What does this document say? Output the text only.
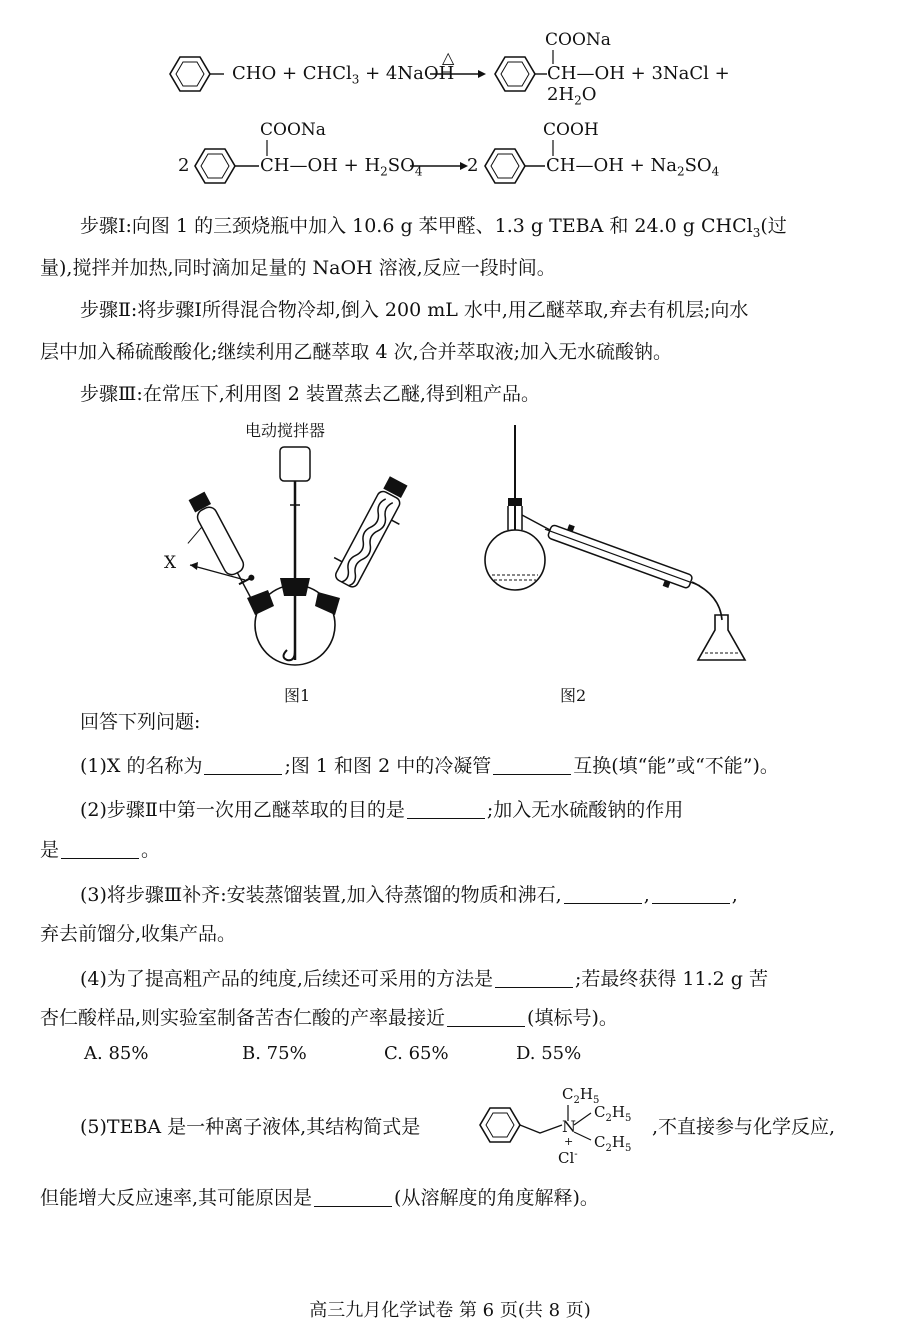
CHO + CHCl$_3$ + 4NaOH
△
COONa
CH—OH + 3NaCl + $2H_2O$
2
COONa
CH—OH + $H_2SO_4$ 2
COOH
CH—OH + $Na_2SO_4$
步骤Ⅰ:向图 1 的三颈烧瓶中加入 10.6 g 苯甲醛、1.3 g TEBA 和 24.0 g CHCl$_3$(过
量),搅拌并加热,同时滴加足量的 NaOH 溶液,反应一段时间。
步骤Ⅱ:将步骤Ⅰ所得混合物冷却,倒入 200 mL 水中,用乙醚萃取,弃去有机层;向水
层中加入稀硫酸酸化;继续利用乙醚萃取 4 次,合并萃取液;加入无水硫酸钠。
步骤Ⅲ:在常压下,利用图 2 装置蒸去乙醚,得到粗产品。
电动搅拌器
X
图1	图2
回答下列问题:
(1)X 的名称为	;图 1 和图 2 中的冷凝管	互换(填“能”或“不能”)。
(2)步骤Ⅱ中第一次用乙醚萃取的目的是	;加入无水硫酸钠的作用
是	。
(3)将步骤Ⅲ补齐:安装蒸馏装置,加入待蒸馏的物质和沸石,	,	,
弃去前馏分,收集产品。
(4)为了提高粗产品的纯度,后续还可采用的方法是	;若最终获得 11.2 g 苦
杏仁酸样品,则实验室制备苦杏仁酸的产率最接近	(填标号)。
A. 85%	B. 75%	C. 65%	D. 55%
(5)TEBA 是一种离子液体,其结构简式是
$C_2H_5$
$C_2H_5$
N
+ $C_2H_5$
Cl-
,不直接参与化学反应,
但能增大反应速率,其可能原因是	(从溶解度的角度解释)。
高三九月化学试卷 第 6 页(共 8 页)
